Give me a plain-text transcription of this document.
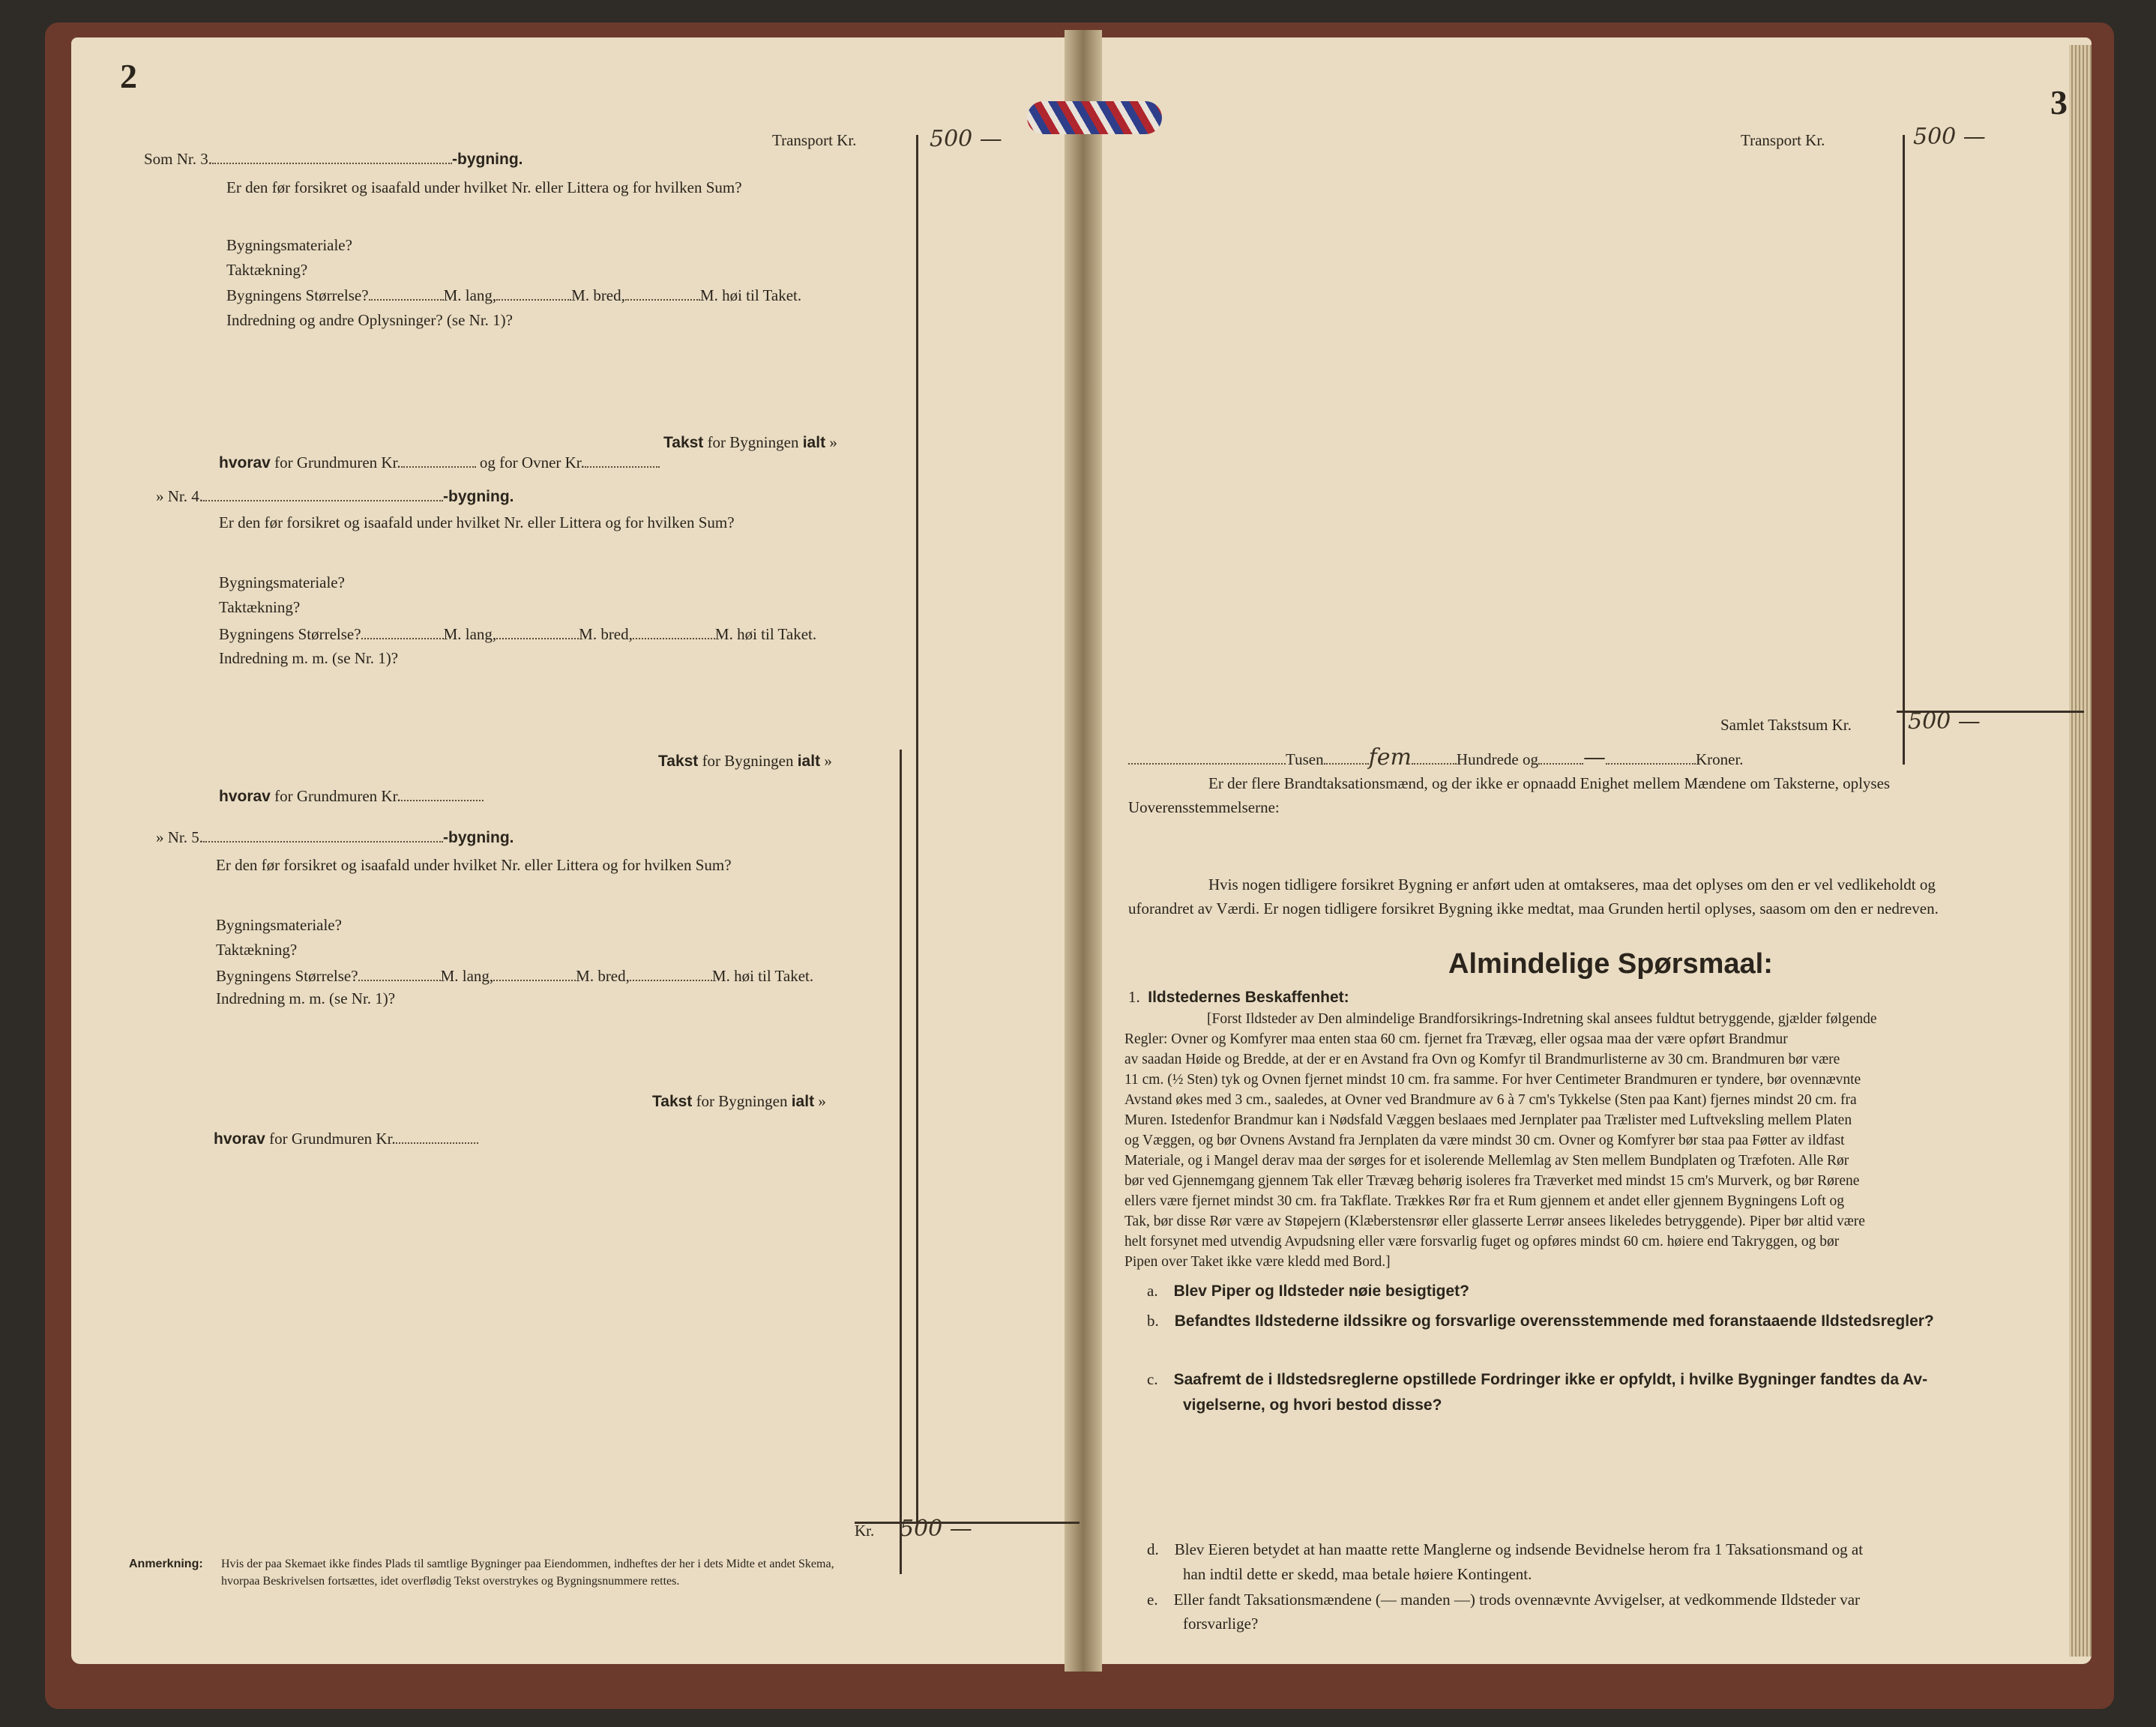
2
Transport Kr.	500 —
Som Nr. 3.	-bygning.
Er den før forsikret og isaafald under hvilket Nr. eller Littera og for hvilken Sum?
Bygningsmateriale?
Taktækning?
Bygningens Størrelse?	M. lang,	M. bred,	M. høi til Taket.
Indredning og andre Oplysninger? (se Nr. 1)?
Takst for Bygningen ialt »
hvorav for Grundmuren Kr.	og for Ovner Kr.
» Nr. 4.	-bygning.
Er den før forsikret og isaafald under hvilket Nr. eller Littera og for hvilken Sum?
Bygningsmateriale?
Taktækning?
Bygningens Størrelse?	M. lang,	M. bred,	M. høi til Taket.
Indredning m. m. (se Nr. 1)?
Takst for Bygningen ialt »
hvorav for Grundmuren Kr.
» Nr. 5.	-bygning.
Er den før forsikret og isaafald under hvilket Nr. eller Littera og for hvilken Sum?
Bygningsmateriale?
Taktækning?
Bygningens Størrelse?	M. lang,	M. bred,	M. høi til Taket.
Indredning m. m. (se Nr. 1)?
Takst for Bygningen ialt »
hvorav for Grundmuren Kr.
Kr. 500 —
Anmerkning: Hvis der paa Skemaet ikke findes Plads til samtlige Bygninger paa Eiendommen, indheftes der her i dets Midte et andet Skema,
hvorpaa Beskrivelsen fortsættes, idet overflødig Tekst overstrykes og Bygningsnummere rettes.
3
Transport Kr.	500 —
Samlet Takstsum Kr.	500 —
Tusen fem	Hundrede og —	Kroner.
Er der flere Brandtaksationsmænd, og der ikke er opnaadd Enighet mellem Mændene om Taksterne, oplyses
Uoverensstemmelserne:
Hvis nogen tidligere forsikret Bygning er anført uden at omtakseres, maa det oplyses om den er vel vedlikeholdt og
uforandret av Værdi. Er nogen tidligere forsikret Bygning ikke medtat, maa Grunden hertil oplyses, saasom om den er nedreven.
Almindelige Spørsmaal:
1. Ildstedernes Beskaffenhet:
[Forst Ildsteder av Den almindelige Brandforsikrings-Indretning skal ansees fuldtut betryggende, gjælder følgende
Regler: Ovner og Komfyrer maa enten staa 60 cm. fjernet fra Trævæg, eller ogsaa maa der være opført Brandmur
av saadan Høide og Bredde, at der er en Avstand fra Ovn og Komfyr til Brandmurlisterne av 30 cm. Brandmuren bør være
11 cm. (½ Sten) tyk og Ovnen fjernet mindst 10 cm. fra samme. For hver Centimeter Brandmuren er tyndere, bør ovennævnte
Avstand økes med 3 cm., saaledes, at Ovner ved Brandmure av 6 à 7 cm's Tykkelse (Sten paa Kant) fjernes mindst 20 cm. fra
Muren. Istedenfor Brandmur kan i Nødsfald Væggen beslaaes med Jernplater paa Trælister med Luftveksling mellem Platen
og Væggen, og bør Ovnens Avstand fra Jernplaten da være mindst 30 cm. Ovner og Komfyrer bør staa paa Føtter av ildfast
Materiale, og i Mangel derav maa der sørges for et isolerende Mellemlag av Sten mellem Bundplaten og Træfoten. Alle Rør
bør ved Gjennemgang gjennem Tak eller Trævæg behørig isoleres fra Træverket med mindst 15 cm's Murverk, og bør Rørene
ellers være fjernet mindst 30 cm. fra Takflate. Trækkes Rør fra et Rum gjennem et andet eller gjennem Bygningens Loft og
Tak, bør disse Rør være av Støpejern (Klæberstensrør eller glasserte Lerrør ansees likeledes betryggende). Piper bør altid være
helt forsynet med utvendig Avpudsning eller være forsvarlig fuget og opføres mindst 60 cm. høiere end Takryggen, og bør
Pipen over Taket ikke være kledd med Bord.]
a. Blev Piper og Ildsteder nøie besigtiget?
b. Befandtes Ildstederne ildssikre og forsvarlige overensstemmende med foranstaaende Ildstedsregler?
c. Saafremt de i Ildstedsreglerne opstillede Fordringer ikke er opfyldt, i hvilke Bygninger fandtes da Av-
vigelserne, og hvori bestod disse?
d. Blev Eieren betydet at han maatte rette Manglerne og indsende Bevidnelse herom fra 1 Taksationsmand og at
han indtil dette er skedd, maa betale høiere Kontingent.
e. Eller fandt Taksationsmændene (— manden —) trods ovennævnte Avvigelser, at vedkommende Ildsteder var
forsvarlige?
